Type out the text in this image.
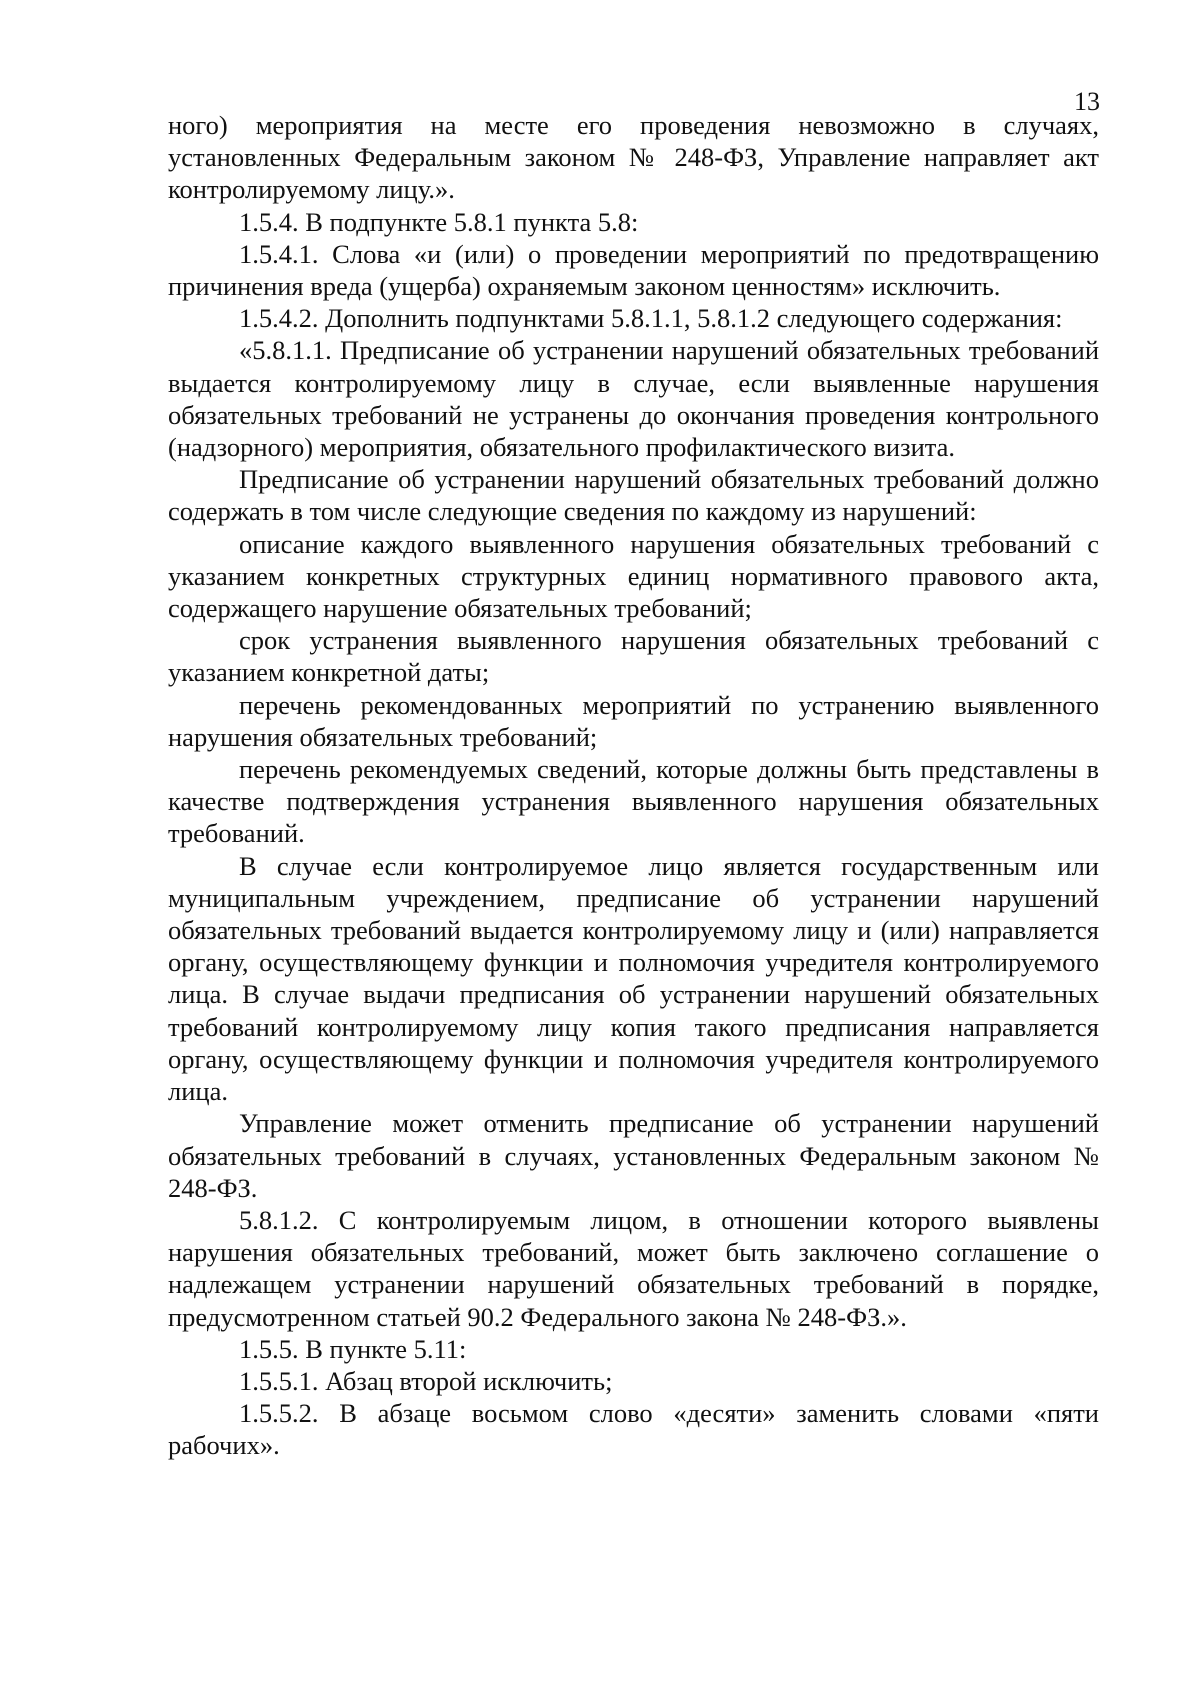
13

ного) мероприятия на месте его проведения невозможно в случаях, установленных Федеральным законом № 248-ФЗ, Управление направляет акт контролируемому лицу.».

1.5.4. В подпункте 5.8.1 пункта 5.8:

1.5.4.1. Слова «и (или) о проведении мероприятий по предотвращению причинения вреда (ущерба) охраняемым законом ценностям» исключить.

1.5.4.2. Дополнить подпунктами 5.8.1.1, 5.8.1.2 следующего содержания:

«5.8.1.1. Предписание об устранении нарушений обязательных требований выдается контролируемому лицу в случае, если выявленные нарушения обязательных требований не устранены до окончания проведения контрольного (надзорного) мероприятия, обязательного профилактического визита.

Предписание об устранении нарушений обязательных требований должно содержать в том числе следующие сведения по каждому из нарушений:

описание каждого выявленного нарушения обязательных требований с указанием конкретных структурных единиц нормативного правового акта, содержащего нарушение обязательных требований;

срок устранения выявленного нарушения обязательных требований с указанием конкретной даты;

перечень рекомендованных мероприятий по устранению выявленного нарушения обязательных требований;

перечень рекомендуемых сведений, которые должны быть представлены в качестве подтверждения устранения выявленного нарушения обязательных требований.

В случае если контролируемое лицо является государственным или муниципальным учреждением, предписание об устранении нарушений обязательных требований выдается контролируемому лицу и (или) направляется органу, осуществляющему функции и полномочия учредителя контролируемого лица. В случае выдачи предписания об устранении нарушений обязательных требований контролируемому лицу копия такого предписания направляется органу, осуществляющему функции и полномочия учредителя контролируемого лица.

Управление может отменить предписание об устранении нарушений обязательных требований в случаях, установленных Федеральным законом № 248-ФЗ.

5.8.1.2. С контролируемым лицом, в отношении которого выявлены нарушения обязательных требований, может быть заключено соглашение о надлежащем устранении нарушений обязательных требований в порядке, предусмотренном статьей 90.2 Федерального закона № 248-ФЗ.».

1.5.5. В пункте 5.11:

1.5.5.1. Абзац второй исключить;

1.5.5.2. В абзаце восьмом слово «десяти» заменить словами «пяти рабочих».
